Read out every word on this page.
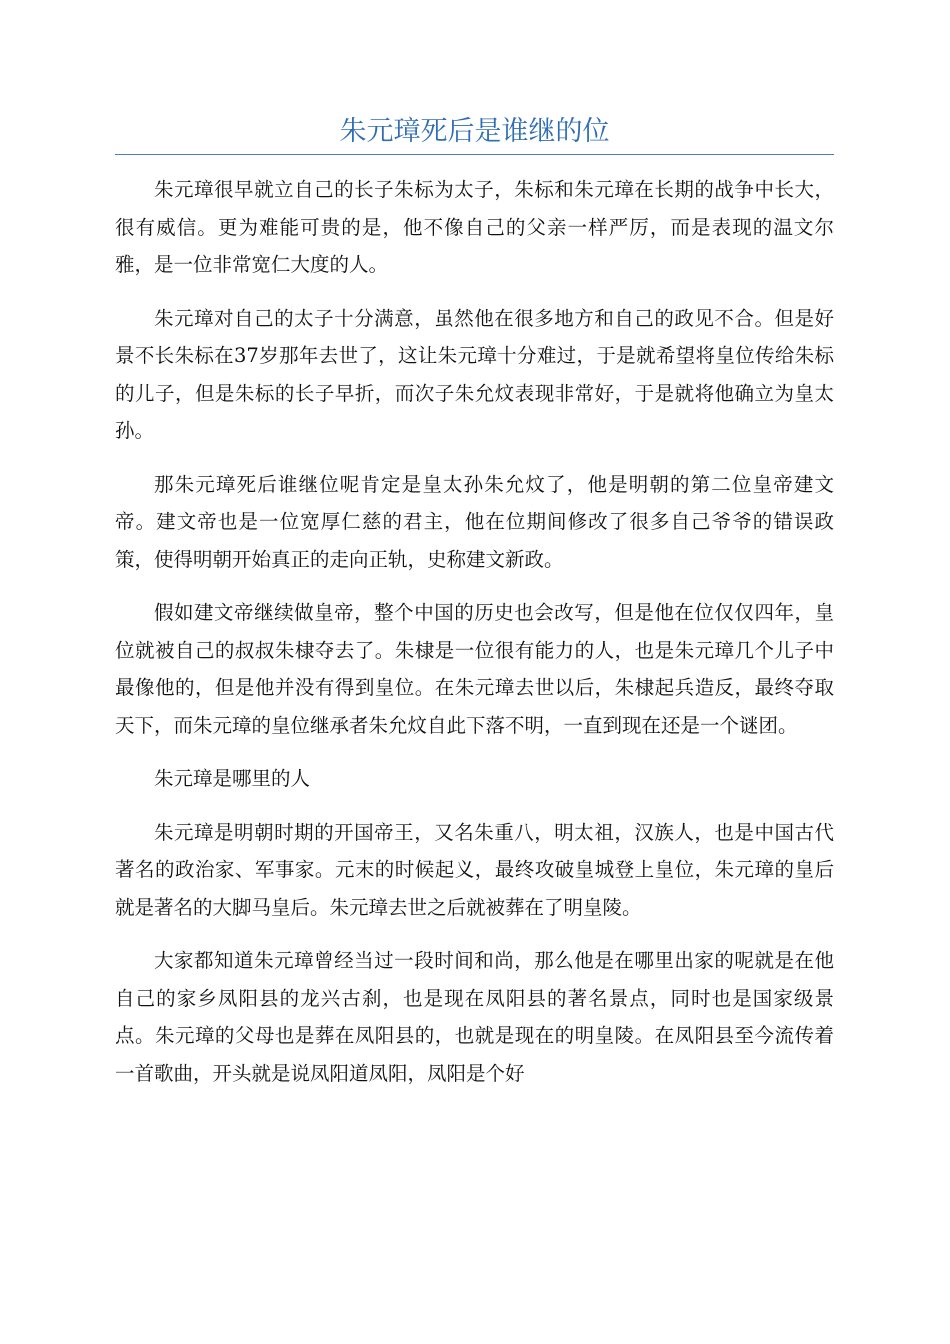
朱元璋死后是谁继的位

朱元璋很早就立自己的长子朱标为太子，朱标和朱元璋在长期的战争中长大，很有威信。更为难能可贵的是，他不像自己的父亲一样严厉，而是表现的温文尔雅，是一位非常宽仁大度的人。

朱元璋对自己的太子十分满意，虽然他在很多地方和自己的政见不合。但是好景不长朱标在37岁那年去世了，这让朱元璋十分难过，于是就希望将皇位传给朱标的儿子，但是朱标的长子早折，而次子朱允炆表现非常好，于是就将他确立为皇太孙。

那朱元璋死后谁继位呢肯定是皇太孙朱允炆了，他是明朝的第二位皇帝建文帝。建文帝也是一位宽厚仁慈的君主，他在位期间修改了很多自己爷爷的错误政策，使得明朝开始真正的走向正轨，史称建文新政。

假如建文帝继续做皇帝，整个中国的历史也会改写，但是他在位仅仅四年，皇位就被自己的叔叔朱棣夺去了。朱棣是一位很有能力的人，也是朱元璋几个儿子中最像他的，但是他并没有得到皇位。在朱元璋去世以后，朱棣起兵造反，最终夺取天下，而朱元璋的皇位继承者朱允炆自此下落不明，一直到现在还是一个谜团。

朱元璋是哪里的人

朱元璋是明朝时期的开国帝王，又名朱重八，明太祖，汉族人，也是中国古代著名的政治家、军事家。元末的时候起义，最终攻破皇城登上皇位，朱元璋的皇后就是著名的大脚马皇后。朱元璋去世之后就被葬在了明皇陵。

大家都知道朱元璋曾经当过一段时间和尚，那么他是在哪里出家的呢就是在他自己的家乡凤阳县的龙兴古刹，也是现在凤阳县的著名景点，同时也是国家级景点。朱元璋的父母也是葬在凤阳县的，也就是现在的明皇陵。在凤阳县至今流传着一首歌曲，开头就是说凤阳道凤阳，凤阳是个好
